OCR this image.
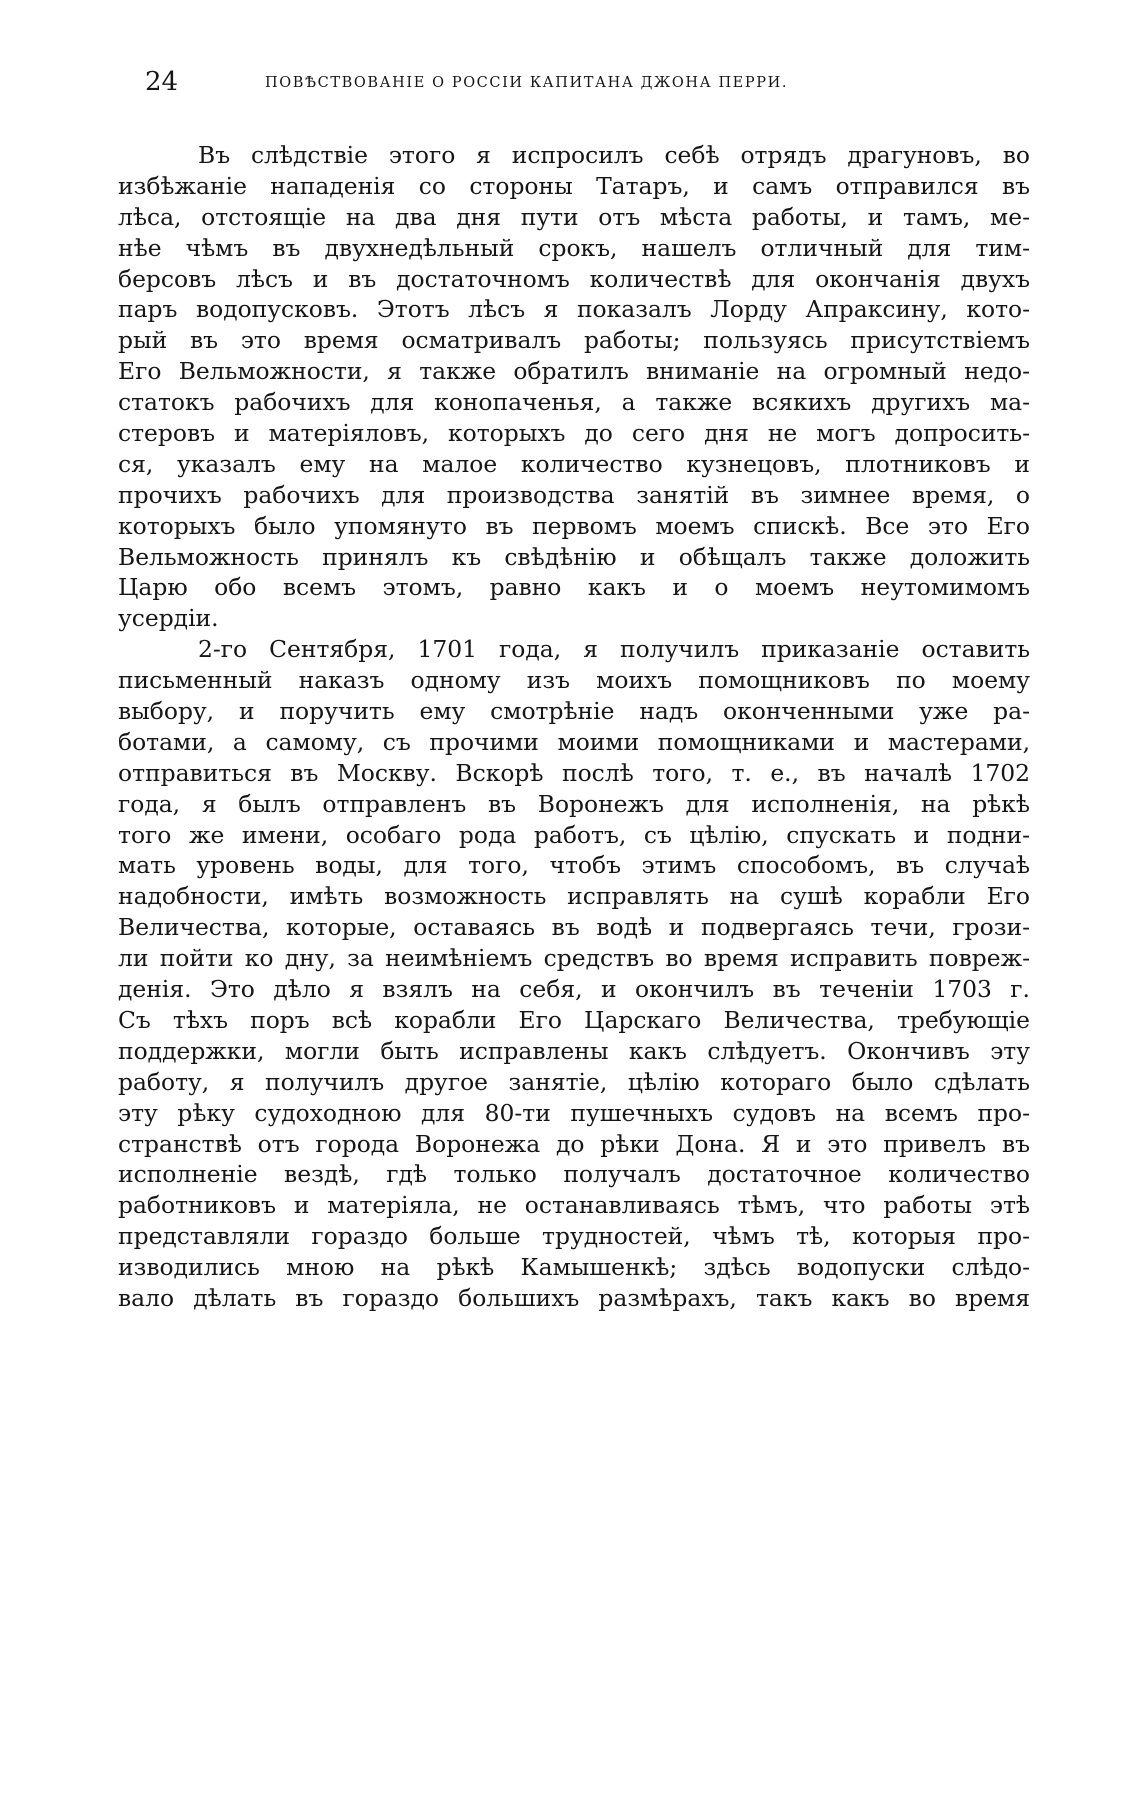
24	ПОВѢСТВОВАНІЕ О РОССІИ КАПИТАНА ДЖОНА ПЕРРИ.
Въ слѣдствіе этого я испросилъ себѣ отрядъ драгуновъ, во
избѣжаніе нападенія со стороны Татаръ, и самъ отправился въ
лѣса, отстоящіе на два дня пути отъ мѣста работы, и тамъ, ме-
нѣе чѣмъ въ двухнедѣльный срокъ, нашелъ отличный для тим-
берсовъ лѣсъ и въ достаточномъ количествѣ для окончанія двухъ
паръ водопусковъ. Этотъ лѣсъ я показалъ Лорду Апраксину, кото-
рый въ это время осматривалъ работы; пользуясь присутствіемъ
Его Вельможности, я также обратилъ вниманіе на огромный недо-
статокъ рабочихъ для конопаченья, а также всякихъ другихъ ма-
стеровъ и матеріяловъ, которыхъ до сего дня не могъ допросить-
ся, указалъ ему на малое количество кузнецовъ, плотниковъ и
прочихъ рабочихъ для производства занятій въ зимнее время, о
которыхъ было упомянуто въ первомъ моемъ спискѣ. Все это Его
Вельможность принялъ къ свѣдѣнію и обѣщалъ также доложить
Царю обо всемъ этомъ, равно какъ и о моемъ неутомимомъ
усердіи.
2-го Сентября, 1701 года, я получилъ приказаніе оставить
письменный наказъ одному изъ моихъ помощниковъ по моему
выбору, и поручить ему смотрѣніе надъ оконченными уже ра-
ботами, а самому, съ прочими моими помощниками и мастерами,
отправиться въ Москву. Вскорѣ послѣ того, т. е., въ началѣ 1702
года, я былъ отправленъ въ Воронежъ для исполненія, на рѣкѣ
того же имени, особаго рода работъ, съ цѣлію, спускать и подни-
мать уровень воды, для того, чтобъ этимъ способомъ, въ случаѣ
надобности, имѣть возможность исправлять на сушѣ корабли Его
Величества, которые, оставаясь въ водѣ и подвергаясь течи, грози-
ли пойти ко дну, за неимѣніемъ средствъ во время исправить повреж-
денія. Это дѣло я взялъ на себя, и окончилъ въ теченіи 1703 г.
Съ тѣхъ поръ всѣ корабли Его Царскаго Величества, требующіе
поддержки, могли быть исправлены какъ слѣдуетъ. Окончивъ эту
работу, я получилъ другое занятіе, цѣлію котораго было сдѣлать
эту рѣку судоходною для 80-ти пушечныхъ судовъ на всемъ про-
странствѣ отъ города Воронежа до рѣки Дона. Я и это привелъ въ
исполненіе вездѣ, гдѣ только получалъ достаточное количество
работниковъ и матеріяла, не останавливаясь тѣмъ, что работы этѣ
представляли гораздо больше трудностей, чѣмъ тѣ, которыя про-
изводились мною на рѣкѣ Камышенкѣ; здѣсь водопуски слѣдо-
вало дѣлать въ гораздо большихъ размѣрахъ, такъ какъ во время
